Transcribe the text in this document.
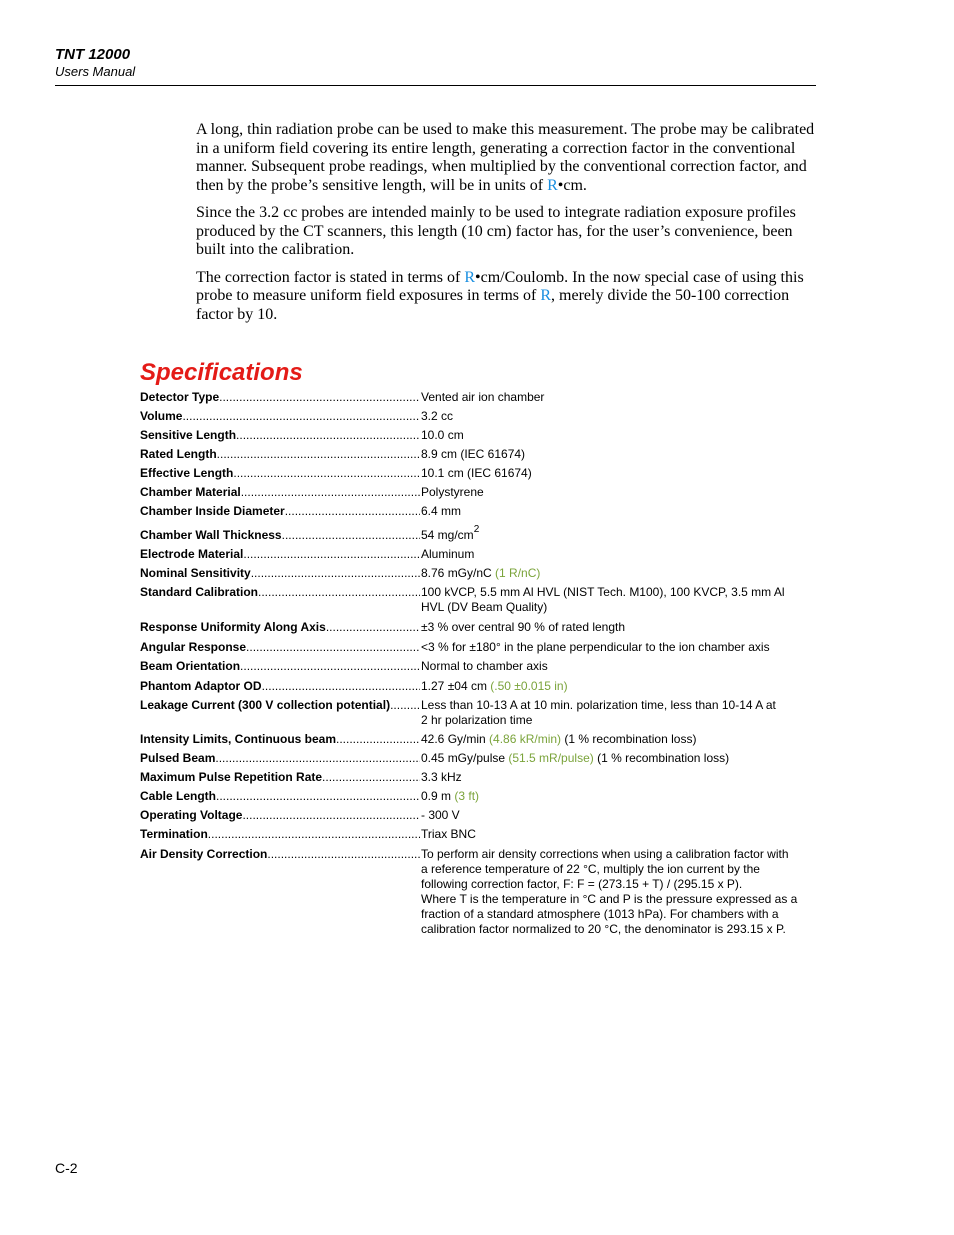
TNT 12000
Users Manual

A long, thin radiation probe can be used to make this measurement. The probe may be calibrated in a uniform field covering its entire length, generating a correction factor in the conventional manner. Subsequent probe readings, when multiplied by the conventional correction factor, and then by the probe’s sensitive length, will be in units of R•cm.

Since the 3.2 cc probes are intended mainly to be used to integrate radiation exposure profiles produced by the CT scanners, this length (10 cm) factor has, for the user’s convenience, been built into the calibration.

The correction factor is stated in terms of R•cm/Coulomb. In the now special case of using this probe to measure uniform field exposures in terms of R, merely divide the 50-100 correction factor by 10.

Specifications
Detector Type .....	Vented air ion chamber
Volume .....	3.2 cc
Sensitive Length .....	10.0 cm
Rated Length .....	8.9 cm (IEC 61674)
Effective Length .....	10.1 cm (IEC 61674)
Chamber Material .....	Polystyrene
Chamber Inside Diameter .....	6.4 mm
Chamber Wall Thickness .....	54 $mg/cm^2$
Electrode Material .....	Aluminum
Nominal Sensitivity .....	8.76 mGy/nC (1 R/nC)
Standard Calibration .....	100 kVCP, 5.5 mm Al HVL (NIST Tech. M100), 100 KVCP, 3.5 mm Al
HVL (DV Beam Quality)
Response Uniformity Along Axis .....	±3 % over central 90 % of rated length
Angular Response .....	<3 % for ±180° in the plane perpendicular to the ion chamber axis
Beam Orientation .....	Normal to chamber axis
Phantom Adaptor OD .....	1.27 ±04 cm (.50 ±0.015 in)
Leakage Current (300 V collection potential) .....	Less than 10-13 A at 10 min. polarization time, less than 10-14 A at
2 hr polarization time
Intensity Limits, Continuous beam .....	42.6 Gy/min (4.86 kR/min) (1 % recombination loss)
Pulsed Beam .....	0.45 mGy/pulse (51.5 mR/pulse) (1 % recombination loss)
Maximum Pulse Repetition Rate .....	3.3 kHz
Cable Length .....	0.9 m (3 ft)
Operating Voltage .....	- 300 V
Termination .....	Triax BNC
Air Density Correction .....	To perform air density corrections when using a calibration factor with
a reference temperature of 22 °C, multiply the ion current by the
following correction factor, F: F = (273.15 + T) / (295.15 x P).
Where T is the temperature in °C and P is the pressure expressed as a
fraction of a standard atmosphere (1013 hPa). For chambers with a
calibration factor normalized to 20 °C, the denominator is 293.15 x P.
C-2
